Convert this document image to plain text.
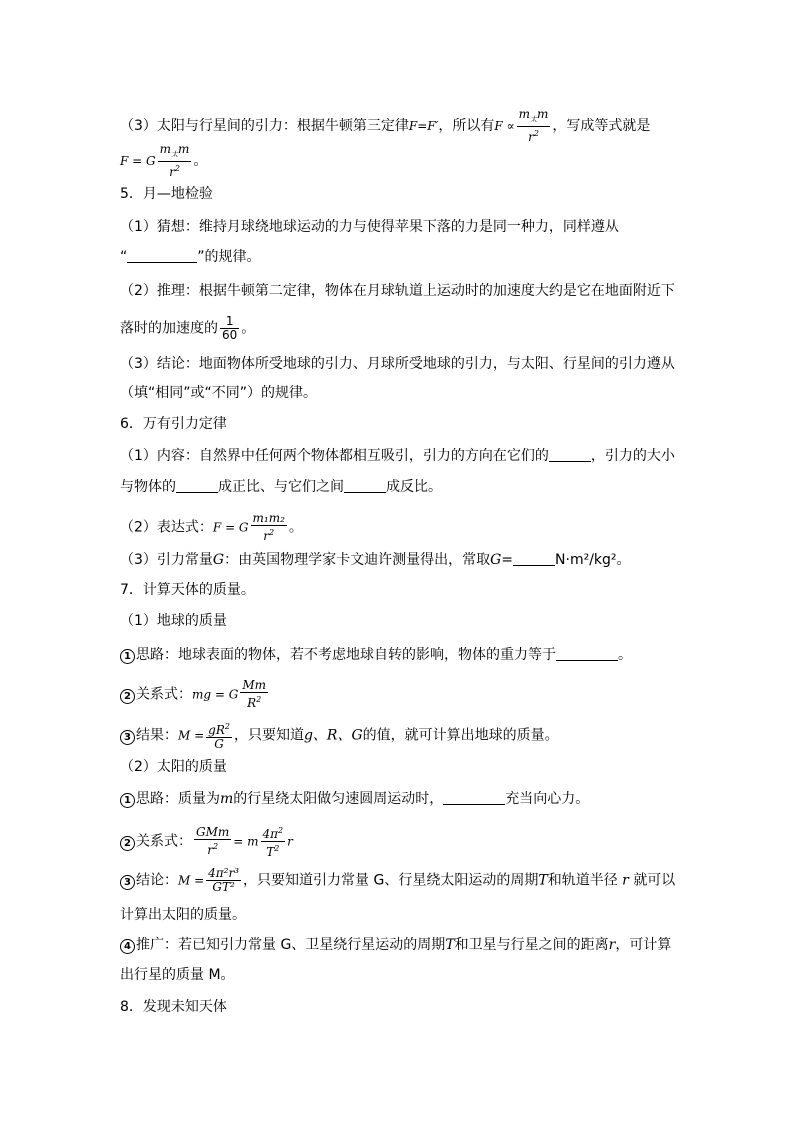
（3）太阳与行星间的引力：根据牛顿第三定律F=F′，所以有$F \propto \frac{m_太m}{r^2}$ ，写成等式就是
F = G $\frac{m_太m}{r^2}$ 。
5．月—地检验
（1）猜想：维持月球绕地球运动的力与使得苹果下落的力是同一种力，同样遵从
“	”的规律。
（2）推理：根据牛顿第二定律，物体在月球轨道上运动时的加速度大约是它在地面附近下
落时的加速度的 $\frac{1}{60}$ 。
（3）结论：地面物体所受地球的引力、月球所受地球的引力，与太阳、行星间的引力遵从
（填“相同”或“不同”）的规律。
6．万有引力定律
（1）内容：自然界中任何两个物体都相互吸引，引力的方向在它们的	，引力的大小
与物体的	成正比、与它们之间	成反比。
（2）表达式：F = G $\frac{\text{m₁m₂}}{r^2}$ 。
（3）引力常量G：由英国物理学家卡文迪许测量得出，常取G=	N·m²/kg²。
7．计算天体的质量。
（1）地球的质量
1 思路：地球表面的物体，若不考虑地球自转的影响，物体的重力等于	。
2 关系式：mg = G $\frac{Mm}{R^2}$
3 结果：$M = \frac{gR^2}{G}$ ，只要知道g、R、G的值，就可计算出地球的质量。
（2）太阳的质量
1 思路：质量为m的行星绕太阳做匀速圆周运动时，	充当向心力。
2 关系式： $\frac{\text{GMm}}{r^2} = m \frac{4\pi^2}{T^2}$ r
3 结论：$M = \frac{\text{4π²r³}}{\text{GT²}}$ ，只要知道引力常量 G、行星绕太阳运动的周期T和轨道半径 r 就可以
计算出太阳的质量。
4 推广：若已知引力常量 G、卫星绕行星运动的周期T和卫星与行星之间的距离r，可计算
出行星的质量 M。
8．发现未知天体
